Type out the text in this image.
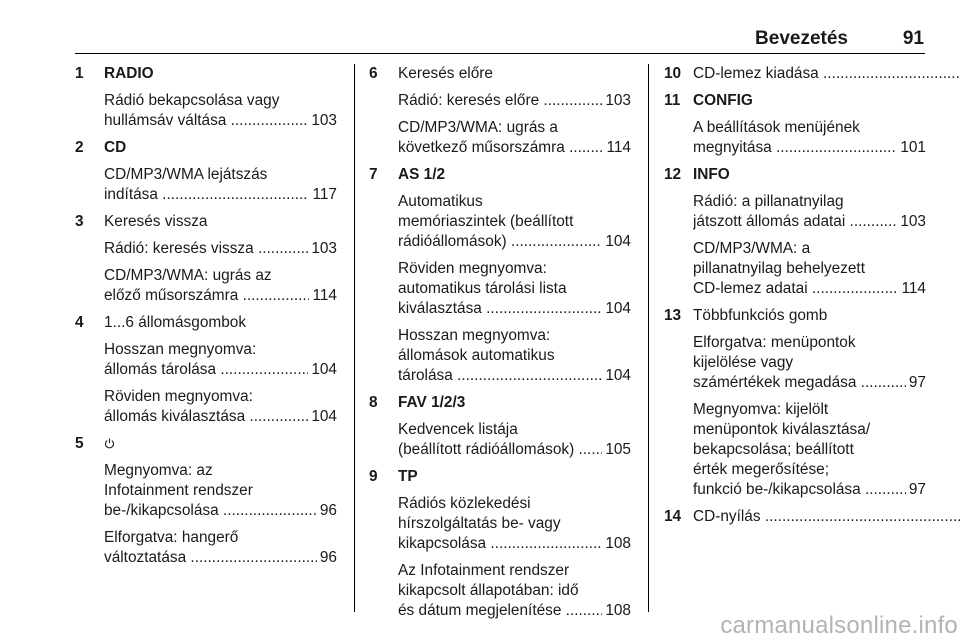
Bevezetés	91
1	RADIO
Rádió bekapcsolása vagy
hullámsáv váltása .....	103
2	CD
CD/MP3/WMA lejátszás
indítása .....	117
3	Keresés vissza
Rádió: keresés vissza .....	103
CD/MP3/WMA: ugrás az
előző műsorszámra .....	114
4	1...6 állomásgombok
Hosszan megnyomva:
állomás tárolása .....	104
Röviden megnyomva:
állomás kiválasztása .....	104
5
Megnyomva: az
Infotainment rendszer
be-/kikapcsolása .....	96
Elforgatva: hangerő
változtatása .....	96
6	Keresés előre
Rádió: keresés előre .....	103
CD/MP3/WMA: ugrás a
következő műsorszámra .....	114
7	AS 1/2
Automatikus
memóriaszintek (beállított
rádióállomások) .....	104
Röviden megnyomva:
automatikus tárolási lista
kiválasztása .....	104
Hosszan megnyomva:
állomások automatikus
tárolása .....	104
8	FAV 1/2/3
Kedvencek listája
(beállított rádióállomások) .....	105
9	TP
Rádiós közlekedési
hírszolgáltatás be- vagy
kikapcsolása .....	108
Az Infotainment rendszer
kikapcsolt állapotában: idő
és dátum megjelenítése .....	108
10 CD-lemez kiadása .....
11 CONFIG
A beállítások menüjének
megnyitása .....	101
12 INFO
Rádió: a pillanatnyilag
játszott állomás adatai .....	103
CD/MP3/WMA: a
pillanatnyilag behelyezett
CD-lemez adatai .....	114
13 Többfunkciós gomb
Elforgatva: menüpontok
kijelölése vagy
számértékek megadása .....	97
Megnyomva: kijelölt
menüpontok kiválasztása/
bekapcsolása; beállított
érték megerősítése;
funkció be-/kikapcsolása .....	97
14 CD-nyílás .....
carmanualsonline.info
